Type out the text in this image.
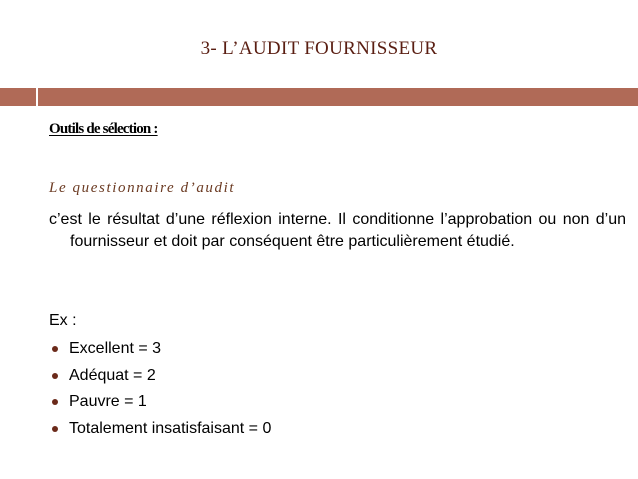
3- L’AUDIT FOURNISSEUR
Outils de sélection :
Le questionnaire d’audit
c’est le résultat d’une réflexion interne. Il conditionne l’approbation ou non d’un fournisseur et doit par conséquent être particulièrement étudié.
Ex :
Excellent = 3
Adéquat = 2
Pauvre = 1
Totalement insatisfaisant = 0
